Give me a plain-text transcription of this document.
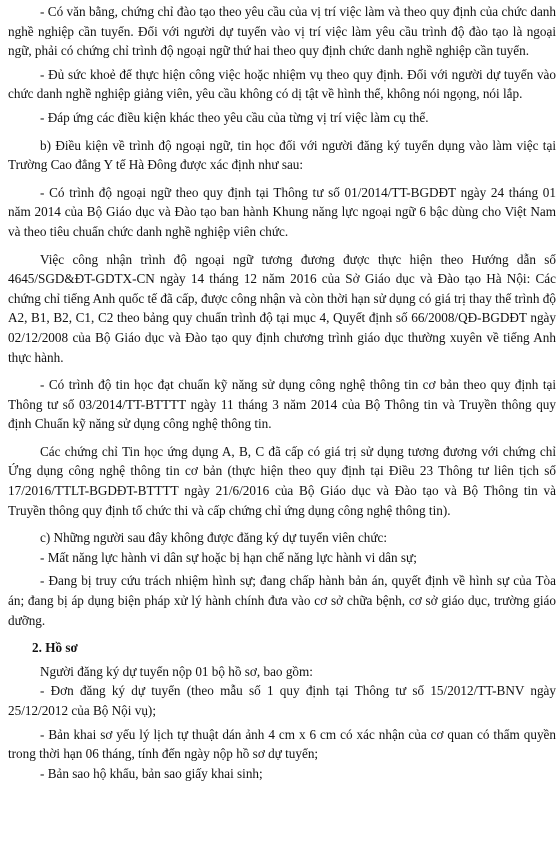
- Có văn bằng, chứng chỉ đào tạo theo yêu cầu của vị trí việc làm và theo quy định của chức danh nghề nghiệp cần tuyển. Đối với người dự tuyển vào vị trí việc làm yêu cầu trình độ đào tạo là ngoại ngữ, phải có chứng chỉ trình độ ngoại ngữ thứ hai theo quy định chức danh nghề nghiệp cần tuyển.

- Đủ sức khoẻ để thực hiện công việc hoặc nhiệm vụ theo quy định. Đối với người dự tuyển vào chức danh nghề nghiệp giảng viên, yêu cầu không có dị tật về hình thể, không nói ngọng, nói lắp.

- Đáp ứng các điều kiện khác theo yêu cầu của từng vị trí việc làm cụ thể.

b) Điều kiện về trình độ ngoại ngữ, tin học đối với người đăng ký tuyển dụng vào làm việc tại Trường Cao đẳng Y tế Hà Đông được xác định như sau:

- Có trình độ ngoại ngữ theo quy định tại Thông tư số 01/2014/TT-BGDĐT ngày 24 tháng 01 năm 2014 của Bộ Giáo dục và Đào tạo ban hành Khung năng lực ngoại ngữ 6 bậc dùng cho Việt Nam và theo tiêu chuẩn chức danh nghề nghiệp viên chức.

Việc công nhận trình độ ngoại ngữ tương đương được thực hiện theo Hướng dẫn số 4645/SGD&ĐT-GDTX-CN ngày 14 tháng 12 năm 2016 của Sở Giáo dục và Đào tạo Hà Nội: Các chứng chỉ tiếng Anh quốc tế đã cấp, được công nhận và còn thời hạn sử dụng có giá trị thay thế trình độ A2, B1, B2, C1, C2 theo bảng quy chuẩn trình độ tại mục 4, Quyết định số 66/2008/QĐ-BGDĐT ngày 02/12/2008 của Bộ Giáo dục và Đào tạo quy định chương trình giáo dục thường xuyên về tiếng Anh thực hành.

- Có trình độ tin học đạt chuẩn kỹ năng sử dụng công nghệ thông tin cơ bản theo quy định tại Thông tư số 03/2014/TT-BTTTT ngày 11 tháng 3 năm 2014 của Bộ Thông tin và Truyền thông quy định Chuẩn kỹ năng sử dụng công nghệ thông tin.

Các chứng chỉ Tin học ứng dụng A, B, C đã cấp có giá trị sử dụng tương đương với chứng chỉ Ứng dụng công nghệ thông tin cơ bản (thực hiện theo quy định tại Điều 23 Thông tư liên tịch số 17/2016/TTLT-BGDĐT-BTTTT ngày 21/6/2016 của Bộ Giáo dục và Đào tạo và Bộ Thông tin và Truyền thông quy định tổ chức thi và cấp chứng chỉ ứng dụng công nghệ thông tin).

c) Những người sau đây không được đăng ký dự tuyển viên chức:

- Mất năng lực hành vi dân sự hoặc bị hạn chế năng lực hành vi dân sự;

- Đang bị truy cứu trách nhiệm hình sự; đang chấp hành bản án, quyết định về hình sự của Tòa án; đang bị áp dụng biện pháp xử lý hành chính đưa vào cơ sở chữa bệnh, cơ sở giáo dục, trường giáo dưỡng.

2. Hồ sơ

Người đăng ký dự tuyển nộp 01 bộ hồ sơ, bao gồm:

- Đơn đăng ký dự tuyển (theo mẫu số 1 quy định tại Thông tư số 15/2012/TT-BNV ngày 25/12/2012 của Bộ Nội vụ);

- Bản khai sơ yếu lý lịch tự thuật dán ảnh 4 cm x 6 cm có xác nhận của cơ quan có thẩm quyền trong thời hạn 06 tháng, tính đến ngày nộp hồ sơ dự tuyển;

- Bản sao hộ khẩu, bản sao giấy khai sinh;
